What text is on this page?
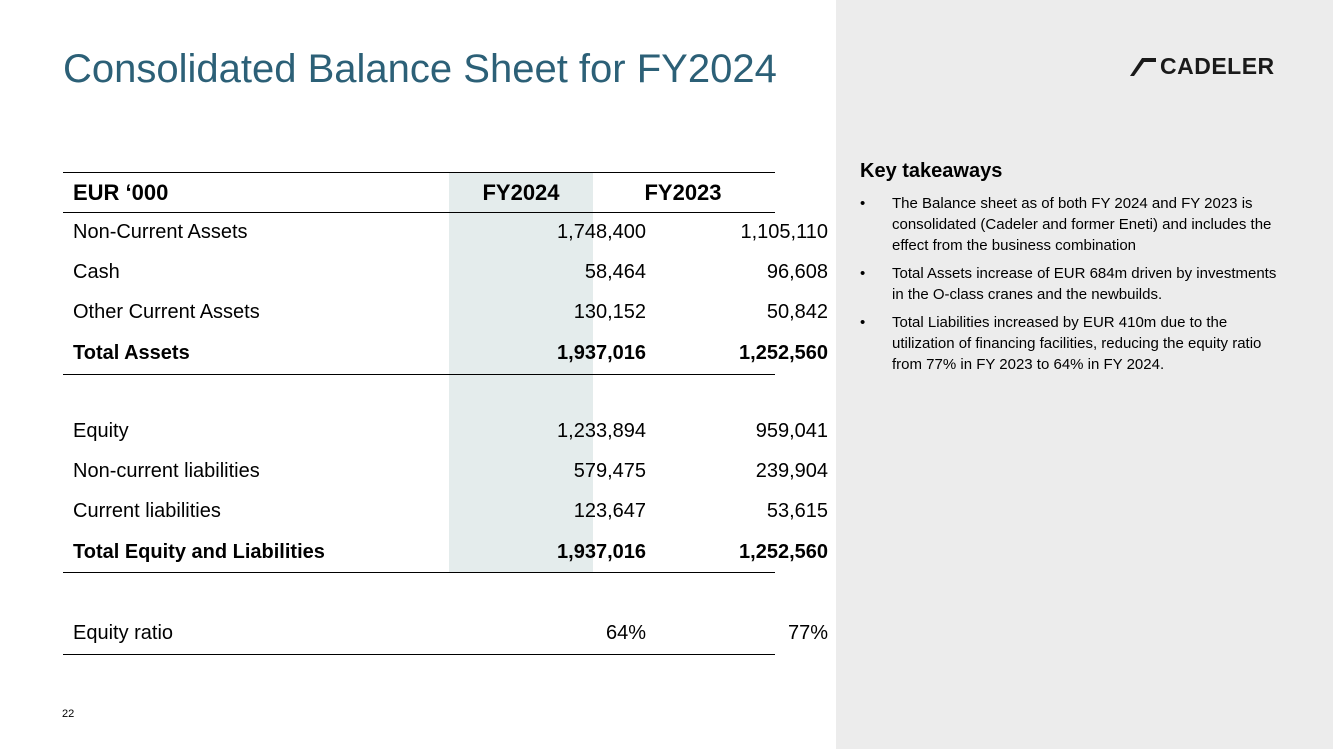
Consolidated Balance Sheet for FY2024	CADELER
EUR ‘000	FY2024	FY2023
Non-Current Assets	1,748,400	1,105,110
Cash	58,464	96,608
Other Current Assets	130,152	50,842
Total Assets	1,937,016	1,252,560
Equity	1,233,894	959,041
Non-current liabilities	579,475	239,904
Current liabilities	123,647	53,615
Total Equity and Liabilities	1,937,016	1,252,560
Equity ratio	64%	77%
Key takeaways
• The Balance sheet as of both FY 2024 and FY 2023 is consolidated (Cadeler and former Eneti) and includes the effect from the business combination
• Total Assets increase of EUR 684m driven by investments in the O-class cranes and the newbuilds.
• Total Liabilities increased by EUR 410m due to the utilization of financing facilities, reducing the equity ratio from 77% in FY 2023 to 64% in FY 2024.
22
